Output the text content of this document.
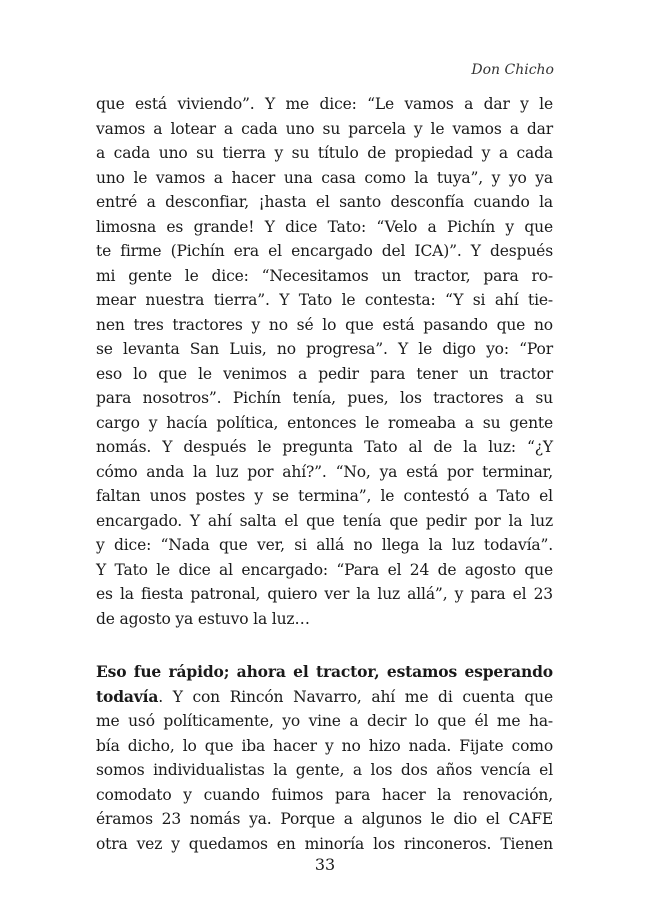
Don Chicho
que está viviendo”. Y me dice: “Le vamos a dar y le
vamos a lotear a cada uno su parcela y le vamos a dar
a cada uno su tierra y su título de propiedad y a cada
uno le vamos a hacer una casa como la tuya”, y yo ya
entré a desconfiar, ¡hasta el santo desconfía cuando la
limosna es grande! Y dice Tato: “Velo a Pichín y que
te firme (Pichín era el encargado del ICA)”. Y después
mi gente le dice: “Necesitamos un tractor, para ro-
mear nuestra tierra”. Y Tato le contesta: “Y si ahí tie-
nen tres tractores y no sé lo que está pasando que no
se levanta San Luis, no progresa”. Y le digo yo: “Por
eso lo que le venimos a pedir para tener un tractor
para nosotros”. Pichín tenía, pues, los tractores a su
cargo y hacía política, entonces le romeaba a su gente
nomás. Y después le pregunta Tato al de la luz: “¿Y
cómo anda la luz por ahí?”. “No, ya está por terminar,
faltan unos postes y se termina”, le contestó a Tato el
encargado. Y ahí salta el que tenía que pedir por la luz
y dice: “Nada que ver, si allá no llega la luz todavía”.
Y Tato le dice al encargado: “Para el 24 de agosto que
es la fiesta patronal, quiero ver la luz allá”, y para el 23
de agosto ya estuvo la luz…
Eso fue rápido; ahora el tractor, estamos esperando
todavía. Y con Rincón Navarro, ahí me di cuenta que
me usó políticamente, yo vine a decir lo que él me ha-
bía dicho, lo que iba hacer y no hizo nada. Fijate como
somos individualistas la gente, a los dos años vencía el
comodato y cuando fuimos para hacer la renovación,
éramos 23 nomás ya. Porque a algunos le dio el CAFE
otra vez y quedamos en minoría los rinconeros. Tienen
33
